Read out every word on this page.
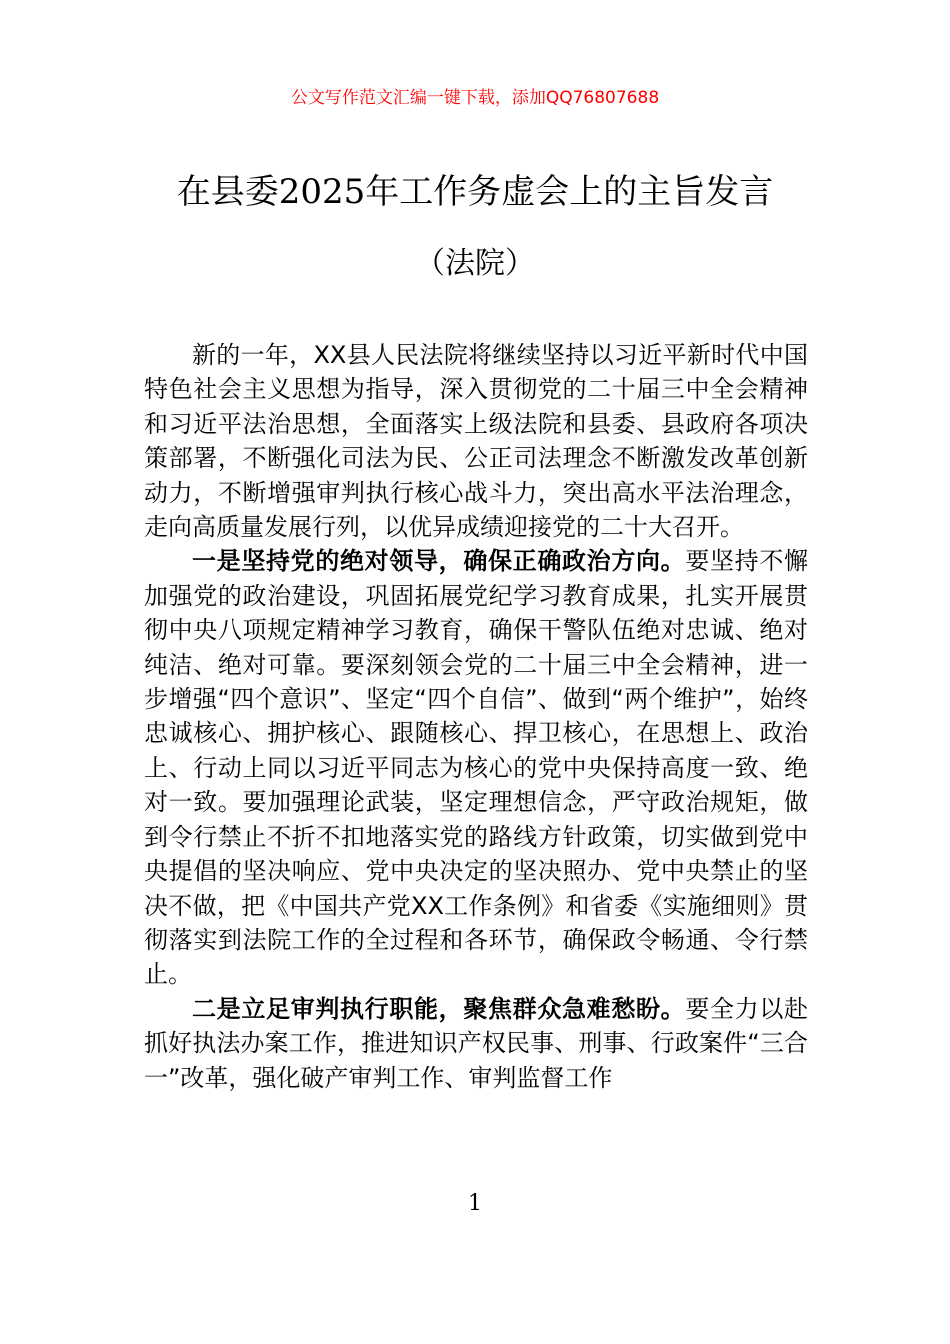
公文写作范文汇编一键下载，添加QQ76807688
在县委2025年工作务虚会上的主旨发言
（法院）

新的一年，XX县人民法院将继续坚持以习近平新时代中国特色社会主义思想为指导，深入贯彻党的二十届三中全会精神和习近平法治思想，全面落实上级法院和县委、县政府各项决策部署，不断强化司法为民、公正司法理念不断激发改革创新动力，不断增强审判执行核心战斗力，突出高水平法治理念，走向高质量发展行列，以优异成绩迎接党的二十大召开。

一是坚持党的绝对领导，确保正确政治方向。要坚持不懈加强党的政治建设，巩固拓展党纪学习教育成果，扎实开展贯彻中央八项规定精神学习教育，确保干警队伍绝对忠诚、绝对纯洁、绝对可靠。要深刻领会党的二十届三中全会精神，进一步增强“四个意识”、坚定“四个自信”、做到“两个维护”，始终忠诚核心、拥护核心、跟随核心、捍卫核心，在思想上、政治上、行动上同以习近平同志为核心的党中央保持高度一致、绝对一致。要加强理论武装，坚定理想信念，严守政治规矩，做到令行禁止不折不扣地落实党的路线方针政策，切实做到党中央提倡的坚决响应、党中央决定的坚决照办、党中央禁止的坚决不做，把《中国共产党XX工作条例》和省委《实施细则》贯彻落实到法院工作的全过程和各环节，确保政令畅通、令行禁止。

二是立足审判执行职能，聚焦群众急难愁盼。要全力以赴抓好执法办案工作，推进知识产权民事、刑事、行政案件“三合一”改革，强化破产审判工作、审判监督工作

1
